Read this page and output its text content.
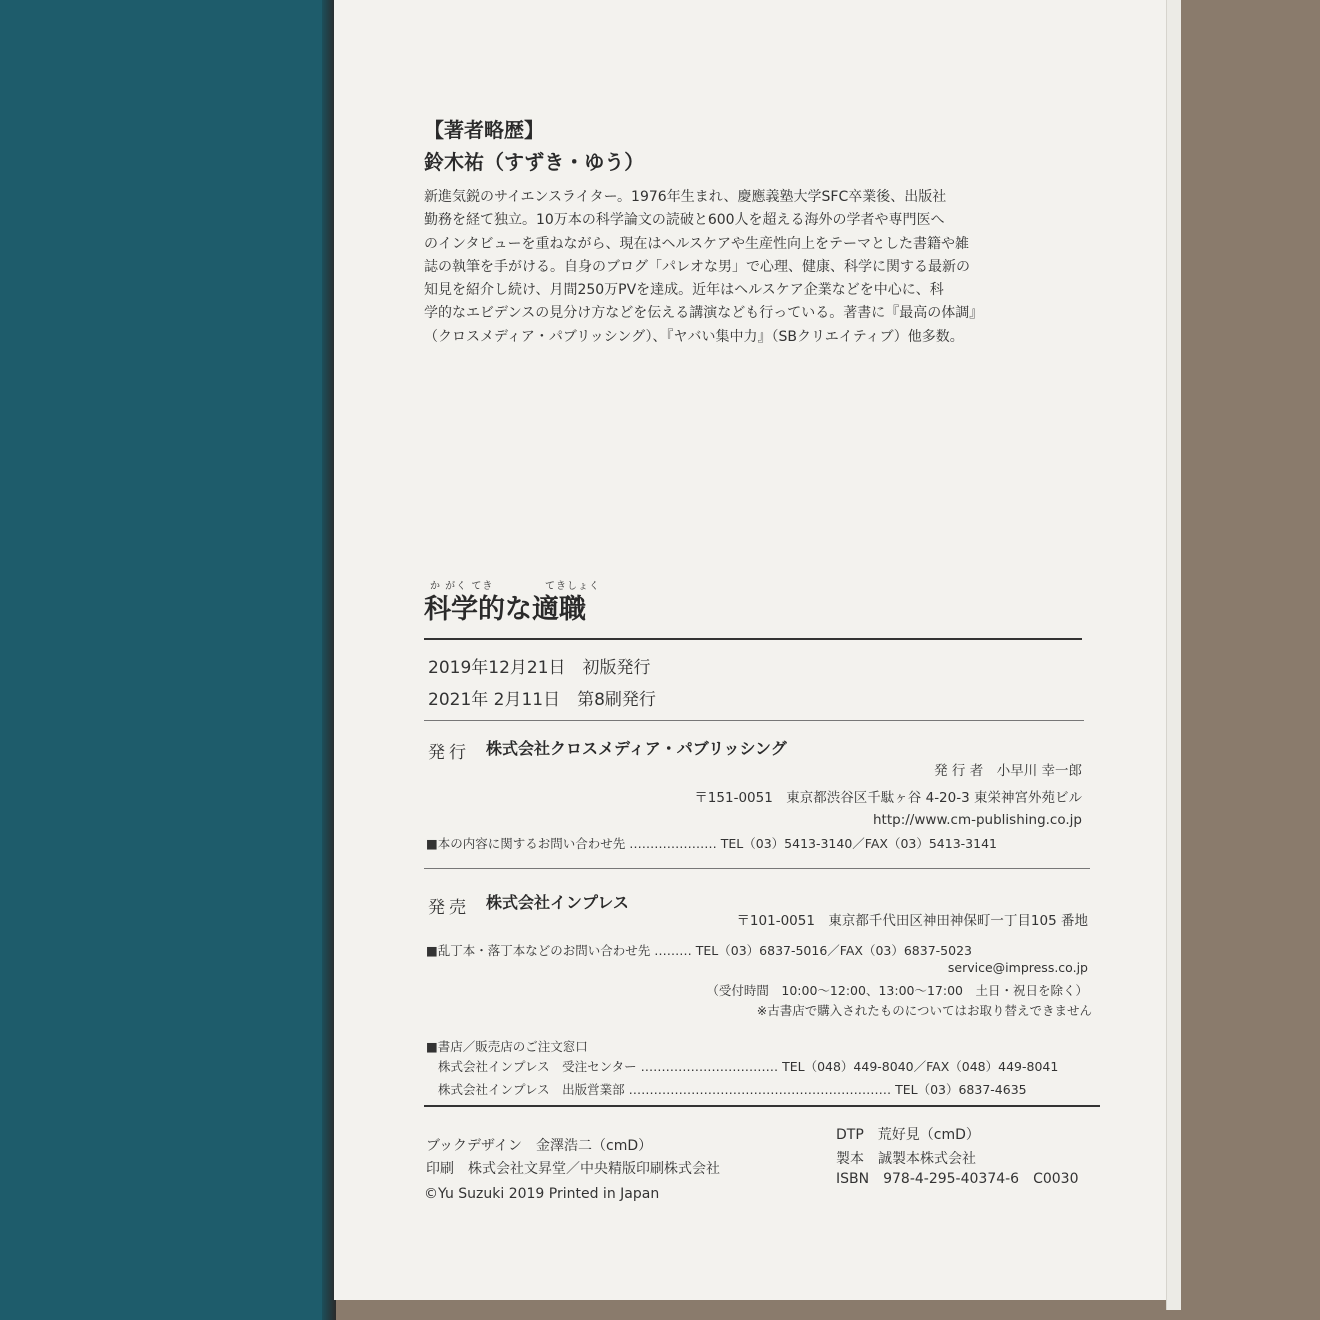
【著者略歴】
鈴木祐（すずき・ゆう）
新進気鋭のサイエンスライター。1976年生まれ、慶應義塾大学SFC卒業後、出版社
勤務を経て独立。10万本の科学論文の読破と600人を超える海外の学者や専門医へ
のインタビューを重ねながら、現在はヘルスケアや生産性向上をテーマとした書籍や雑
誌の執筆を手がける。自身のブログ「パレオな男」で心理、健康、科学に関する最新の
知見を紹介し続け、月間250万PVを達成。近年はヘルスケア企業などを中心に、科
学的なエビデンスの見分け方などを伝える講演なども行っている。著書に『最高の体調』
（クロスメディア・パブリッシング）、『ヤバい集中力』（SBクリエイティブ）他多数。
か がく てき	てきしょく
科学的な適職
2019年12月21日　初版発行
2021年 2月11日　第8刷発行
発行 株式会社クロスメディア・パブリッシング
発 行 者　小早川 幸一郎
〒151-0051　東京都渋谷区千駄ヶ谷 4-20-3 東栄神宮外苑ビル
http://www.cm-publishing.co.jp
■本の内容に関するお問い合わせ先 ………………… TEL（03）5413-3140／FAX（03）5413-3141
発売 株式会社インプレス
〒101-0051　東京都千代田区神田神保町一丁目105 番地
■乱丁本・落丁本などのお問い合わせ先 ……… TEL（03）6837-5016／FAX（03）6837-5023
service@impress.co.jp
（受付時間　10:00～12:00、13:00～17:00　土日・祝日を除く）
※古書店で購入されたものについてはお取り替えできません
■書店／販売店のご注文窓口
株式会社インプレス　受注センター …………………………… TEL（048）449-8040／FAX（048）449-8041
株式会社インプレス　出版営業部 ……………………………………………………… TEL（03）6837-4635
ブックデザイン　金澤浩二（cmD）
印刷　株式会社文昇堂／中央精版印刷株式会社
©Yu Suzuki 2019 Printed in Japan
DTP　荒好見（cmD）
製本　誠製本株式会社
ISBN　978-4-295-40374-6　C0030
